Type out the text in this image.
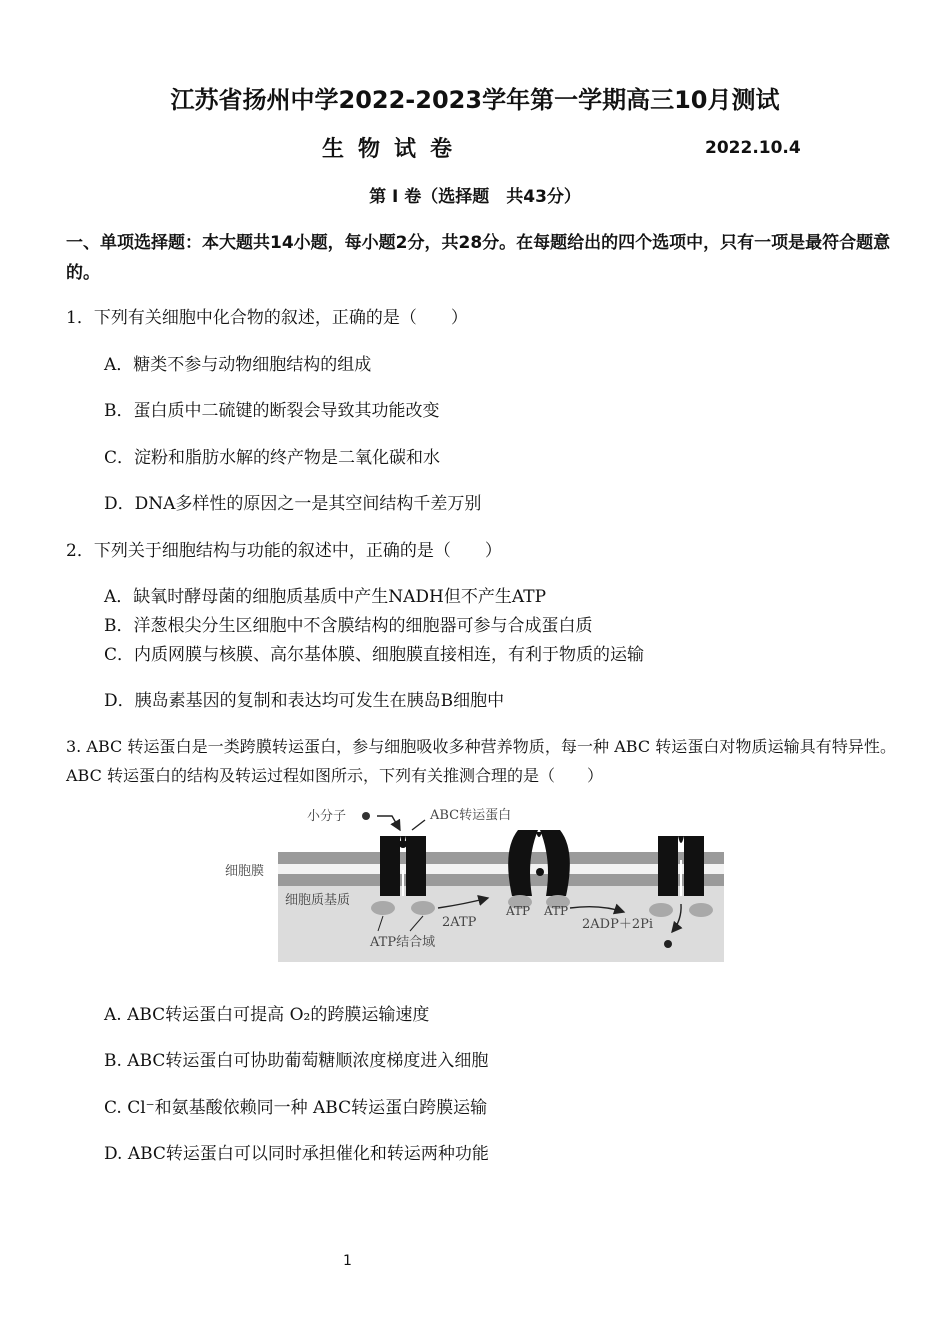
江苏省扬州中学2022-2023学年第一学期高三10月测试
生物试卷	2022.10.4
第 Ⅰ 卷（选择题　共43分）
一、单项选择题：本大题共14小题，每小题2分，共28分。在每题给出的四个选项中，只有一项是最符合题意的。
1．下列有关细胞中化合物的叙述，正确的是（　　）
A．糖类不参与动物细胞结构的组成
B．蛋白质中二硫键的断裂会导致其功能改变
C．淀粉和脂肪水解的终产物是二氧化碳和水
D．DNA多样性的原因之一是其空间结构千差万别
2．下列关于细胞结构与功能的叙述中，正确的是（　　）
A．缺氧时酵母菌的细胞质基质中产生NADH但不产生ATP
B．洋葱根尖分生区细胞中不含膜结构的细胞器可参与合成蛋白质
C．内质网膜与核膜、高尔基体膜、细胞膜直接相连，有利于物质的运输
D．胰岛素基因的复制和表达均可发生在胰岛B细胞中
3. ABC 转运蛋白是一类跨膜转运蛋白，参与细胞吸收多种营养物质，每一种 ABC 转运蛋白对物质运输具有特异性。ABC 转运蛋白的结构及转运过程如图所示，下列有关推测合理的是（　　）
小分子	ABC转运蛋白
细胞膜
细胞质基质
ATP结合域
2ATP
ATP ATP
2ADP＋2Pi
A. ABC转运蛋白可提高 O₂的跨膜运输速度
B. ABC转运蛋白可协助葡萄糖顺浓度梯度进入细胞
C. Cl⁻和氨基酸依赖同一种 ABC转运蛋白跨膜运输
D. ABC转运蛋白可以同时承担催化和转运两种功能
1
